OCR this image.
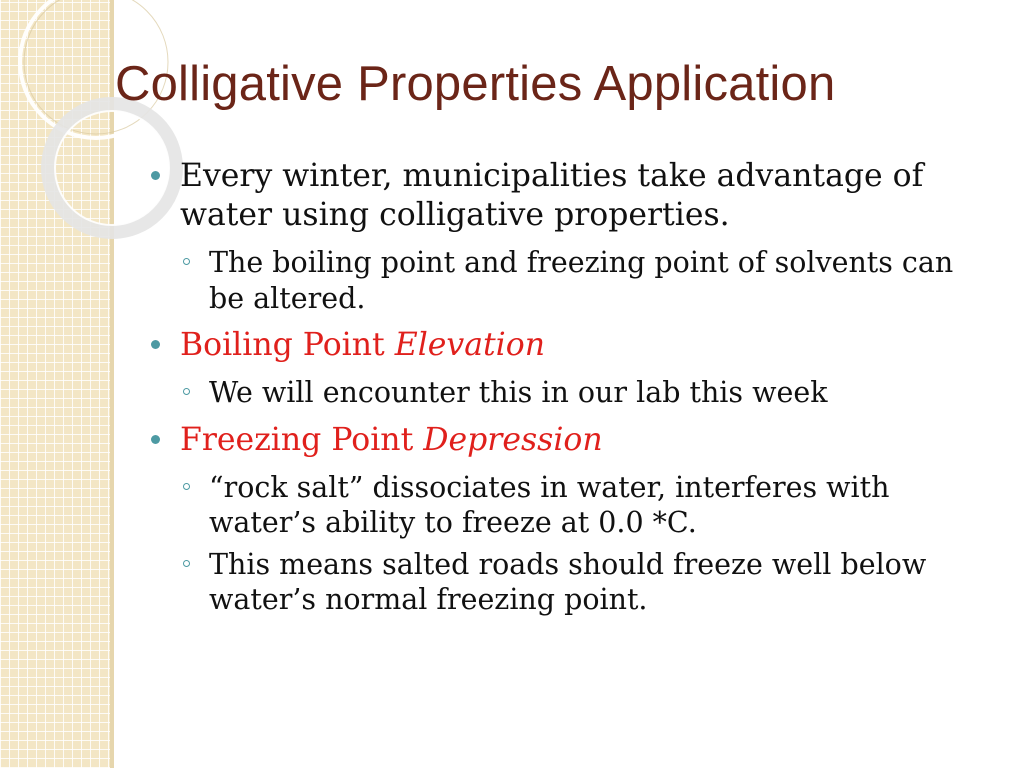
Colligative Properties Application
Every winter, municipalities take advantage of water using colligative properties.
The boiling point and freezing point of solvents can be altered.
Boiling Point Elevation
We will encounter this in our lab this week
Freezing Point Depression
“rock salt” dissociates in water, interferes with water’s ability to freeze at 0.0 *C.
This means salted roads should freeze well below water’s normal freezing point.
